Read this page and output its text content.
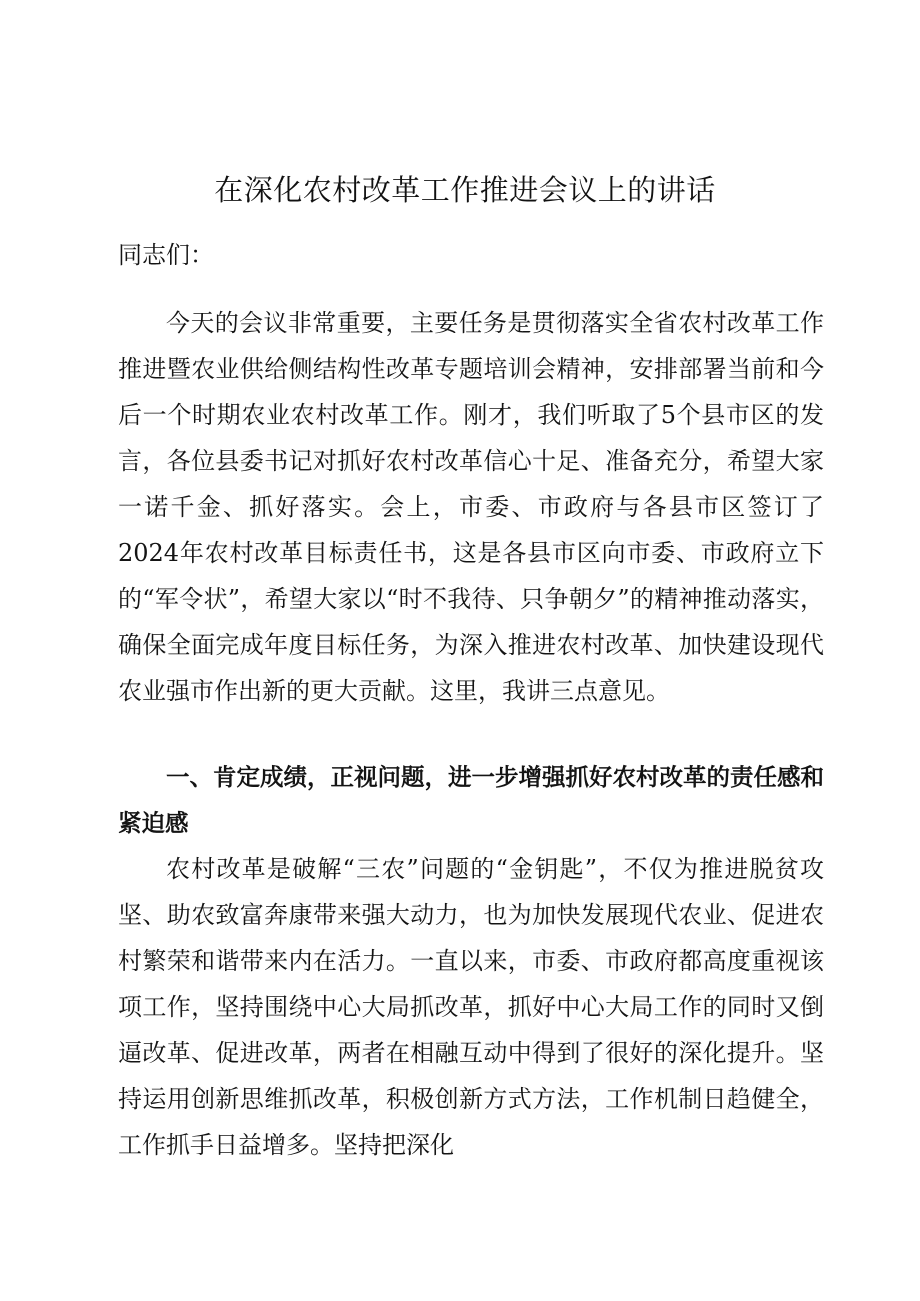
在深化农村改革工作推进会议上的讲话
同志们：

今天的会议非常重要，主要任务是贯彻落实全省农村改革工作推进暨农业供给侧结构性改革专题培训会精神，安排部署当前和今后一个时期农业农村改革工作。刚才，我们听取了5个县市区的发言，各位县委书记对抓好农村改革信心十足、准备充分，希望大家一诺千金、抓好落实。会上，市委、市政府与各县市区签订了2024年农村改革目标责任书，这是各县市区向市委、市政府立下的“军令状”，希望大家以“时不我待、只争朝夕”的精神推动落实，确保全面完成年度目标任务，为深入推进农村改革、加快建设现代农业强市作出新的更大贡献。这里，我讲三点意见。

一、肯定成绩，正视问题，进一步增强抓好农村改革的责任感和紧迫感

农村改革是破解“三农”问题的“金钥匙”，不仅为推进脱贫攻坚、助农致富奔康带来强大动力，也为加快发展现代农业、促进农村繁荣和谐带来内在活力。一直以来，市委、市政府都高度重视该项工作，坚持围绕中心大局抓改革，抓好中心大局工作的同时又倒逼改革、促进改革，两者在相融互动中得到了很好的深化提升。坚持运用创新思维抓改革，积极创新方式方法，工作机制日趋健全，工作抓手日益增多。坚持把深化
